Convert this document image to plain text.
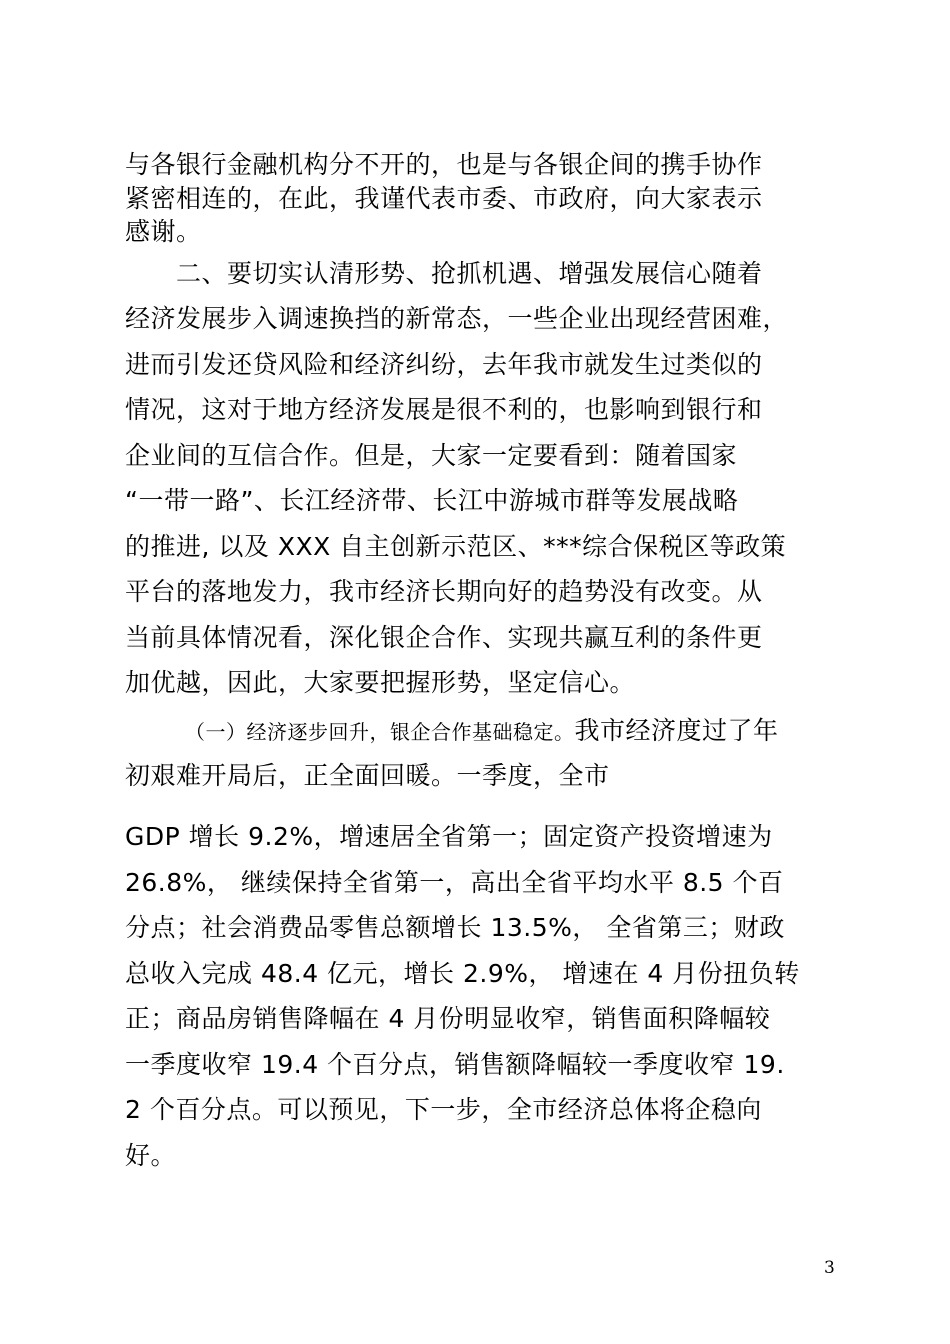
与各银行金融机构分不开的，也是与各银企间的携手协作
紧密相连的，在此，我谨代表市委、市政府，向大家表示
感谢。
　　二、要切实认清形势、抢抓机遇、增强发展信心随着
经济发展步入调速换挡的新常态，一些企业出现经营困难，
进而引发还贷风险和经济纠纷，去年我市就发生过类似的
情况，这对于地方经济发展是很不利的，也影响到银行和
企业间的互信合作。但是，大家一定要看到：随着国家
“一带一路”、长江经济带、长江中游城市群等发展战略
的推进, 以及 XXX 自主创新示范区、***综合保税区等政策
平台的落地发力，我市经济长期向好的趋势没有改变。从
当前具体情况看，深化银企合作、实现共赢互利的条件更
加优越，因此，大家要把握形势，坚定信心。
（一）经济逐步回升，银企合作基础稳定。我市经济度过了年
初艰难开局后，正全面回暖。一季度，全市
GDP 增长 9.2%，增速居全省第一；固定资产投资增速为
26.8%， 继续保持全省第一，高出全省平均水平 8.5 个百
分点；社会消费品零售总额增长 13.5%， 全省第三；财政
总收入完成 48.4 亿元，增长 2.9%， 增速在 4 月份扭负转
正；商品房销售降幅在 4 月份明显收窄，销售面积降幅较
一季度收窄 19.4 个百分点，销售额降幅较一季度收窄 19.
2 个百分点。可以预见，下一步，全市经济总体将企稳向
好。
3
